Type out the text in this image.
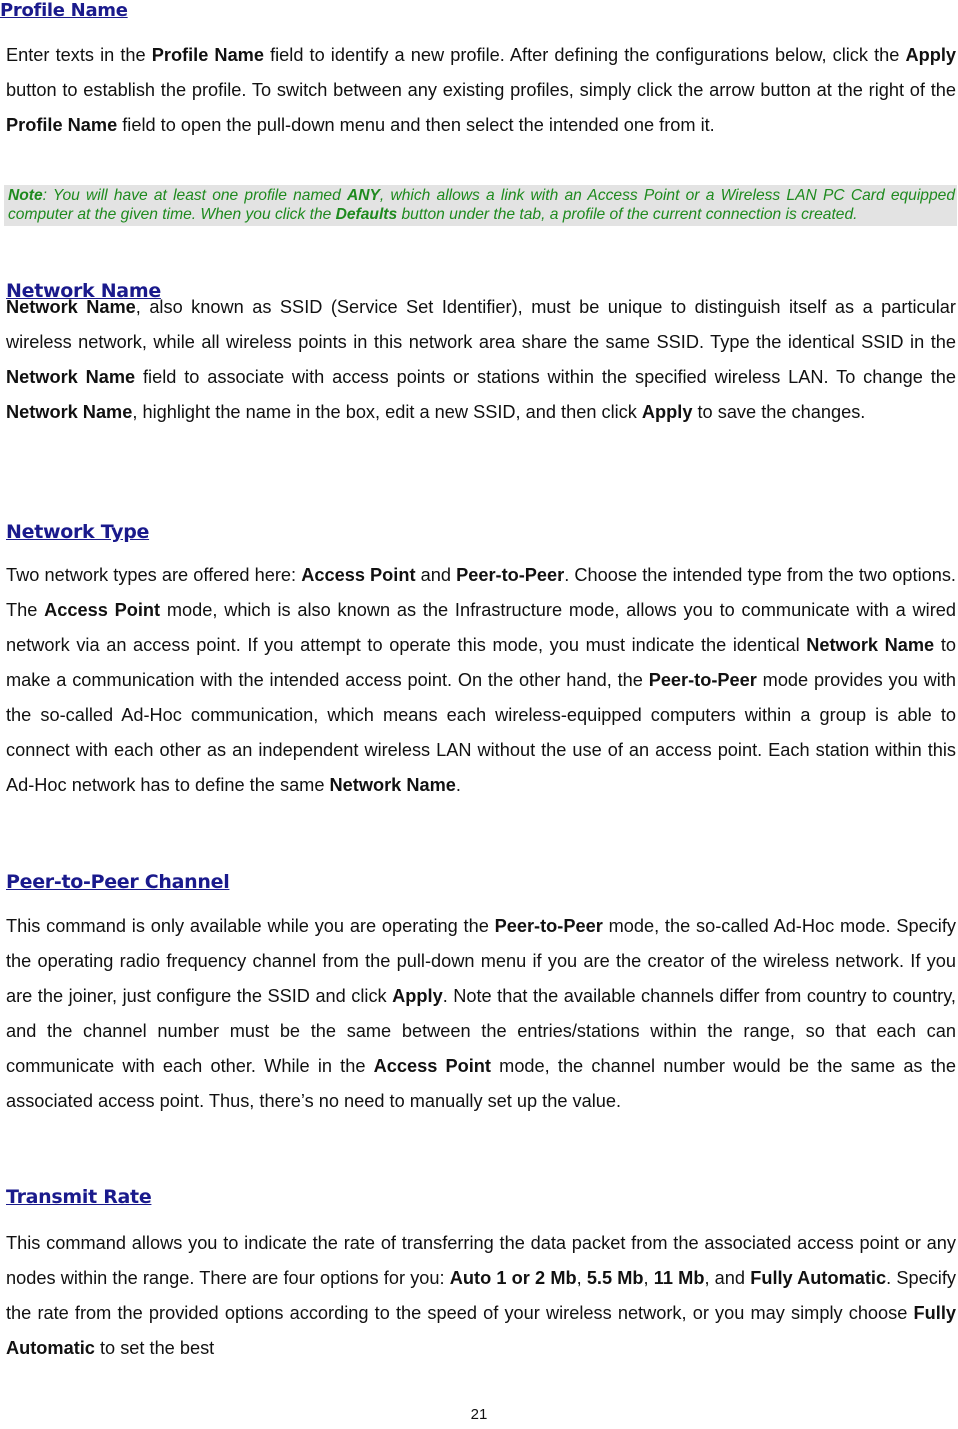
Profile Name

Enter texts in the Profile Name field to identify a new profile. After defining the configurations below, click the Apply button to establish the profile. To switch between any existing profiles, simply click the arrow button at the right of the Profile Name field to open the pull-down menu and then select the intended one from it.

Note: You will have at least one profile named ANY, which allows a link with an Access Point or a Wireless LAN PC Card equipped computer at the given time. When you click the Defaults button under the tab, a profile of the current connection is created.

Network Name

Network Name, also known as SSID (Service Set Identifier), must be unique to distinguish itself as a particular wireless network, while all wireless points in this network area share the same SSID. Type the identical SSID in the Network Name field to associate with access points or stations within the specified wireless LAN. To change the Network Name, highlight the name in the box, edit a new SSID, and then click Apply to save the changes.

Network Type

Two network types are offered here: Access Point and Peer-to-Peer. Choose the intended type from the two options. The Access Point mode, which is also known as the Infrastructure mode, allows you to communicate with a wired network via an access point. If you attempt to operate this mode, you must indicate the identical Network Name to make a communication with the intended access point. On the other hand, the Peer-to-Peer mode provides you with the so-called Ad-Hoc communication, which means each wireless-equipped computers within a group is able to connect with each other as an independent wireless LAN without the use of an access point. Each station within this Ad-Hoc network has to define the same Network Name.

Peer-to-Peer Channel

This command is only available while you are operating the Peer-to-Peer mode, the so-called Ad-Hoc mode. Specify the operating radio frequency channel from the pull-down menu if you are the creator of the wireless network. If you are the joiner, just configure the SSID and click Apply. Note that the available channels differ from country to country, and the channel number must be the same between the entries/stations within the range, so that each can communicate with each other. While in the Access Point mode, the channel number would be the same as the associated access point. Thus, there’s no need to manually set up the value.

Transmit Rate

This command allows you to indicate the rate of transferring the data packet from the associated access point or any nodes within the range. There are four options for you: Auto 1 or 2 Mb, 5.5 Mb, 11 Mb, and Fully Automatic. Specify the rate from the provided options according to the speed of your wireless network, or you may simply choose Fully Automatic to set the best

21
